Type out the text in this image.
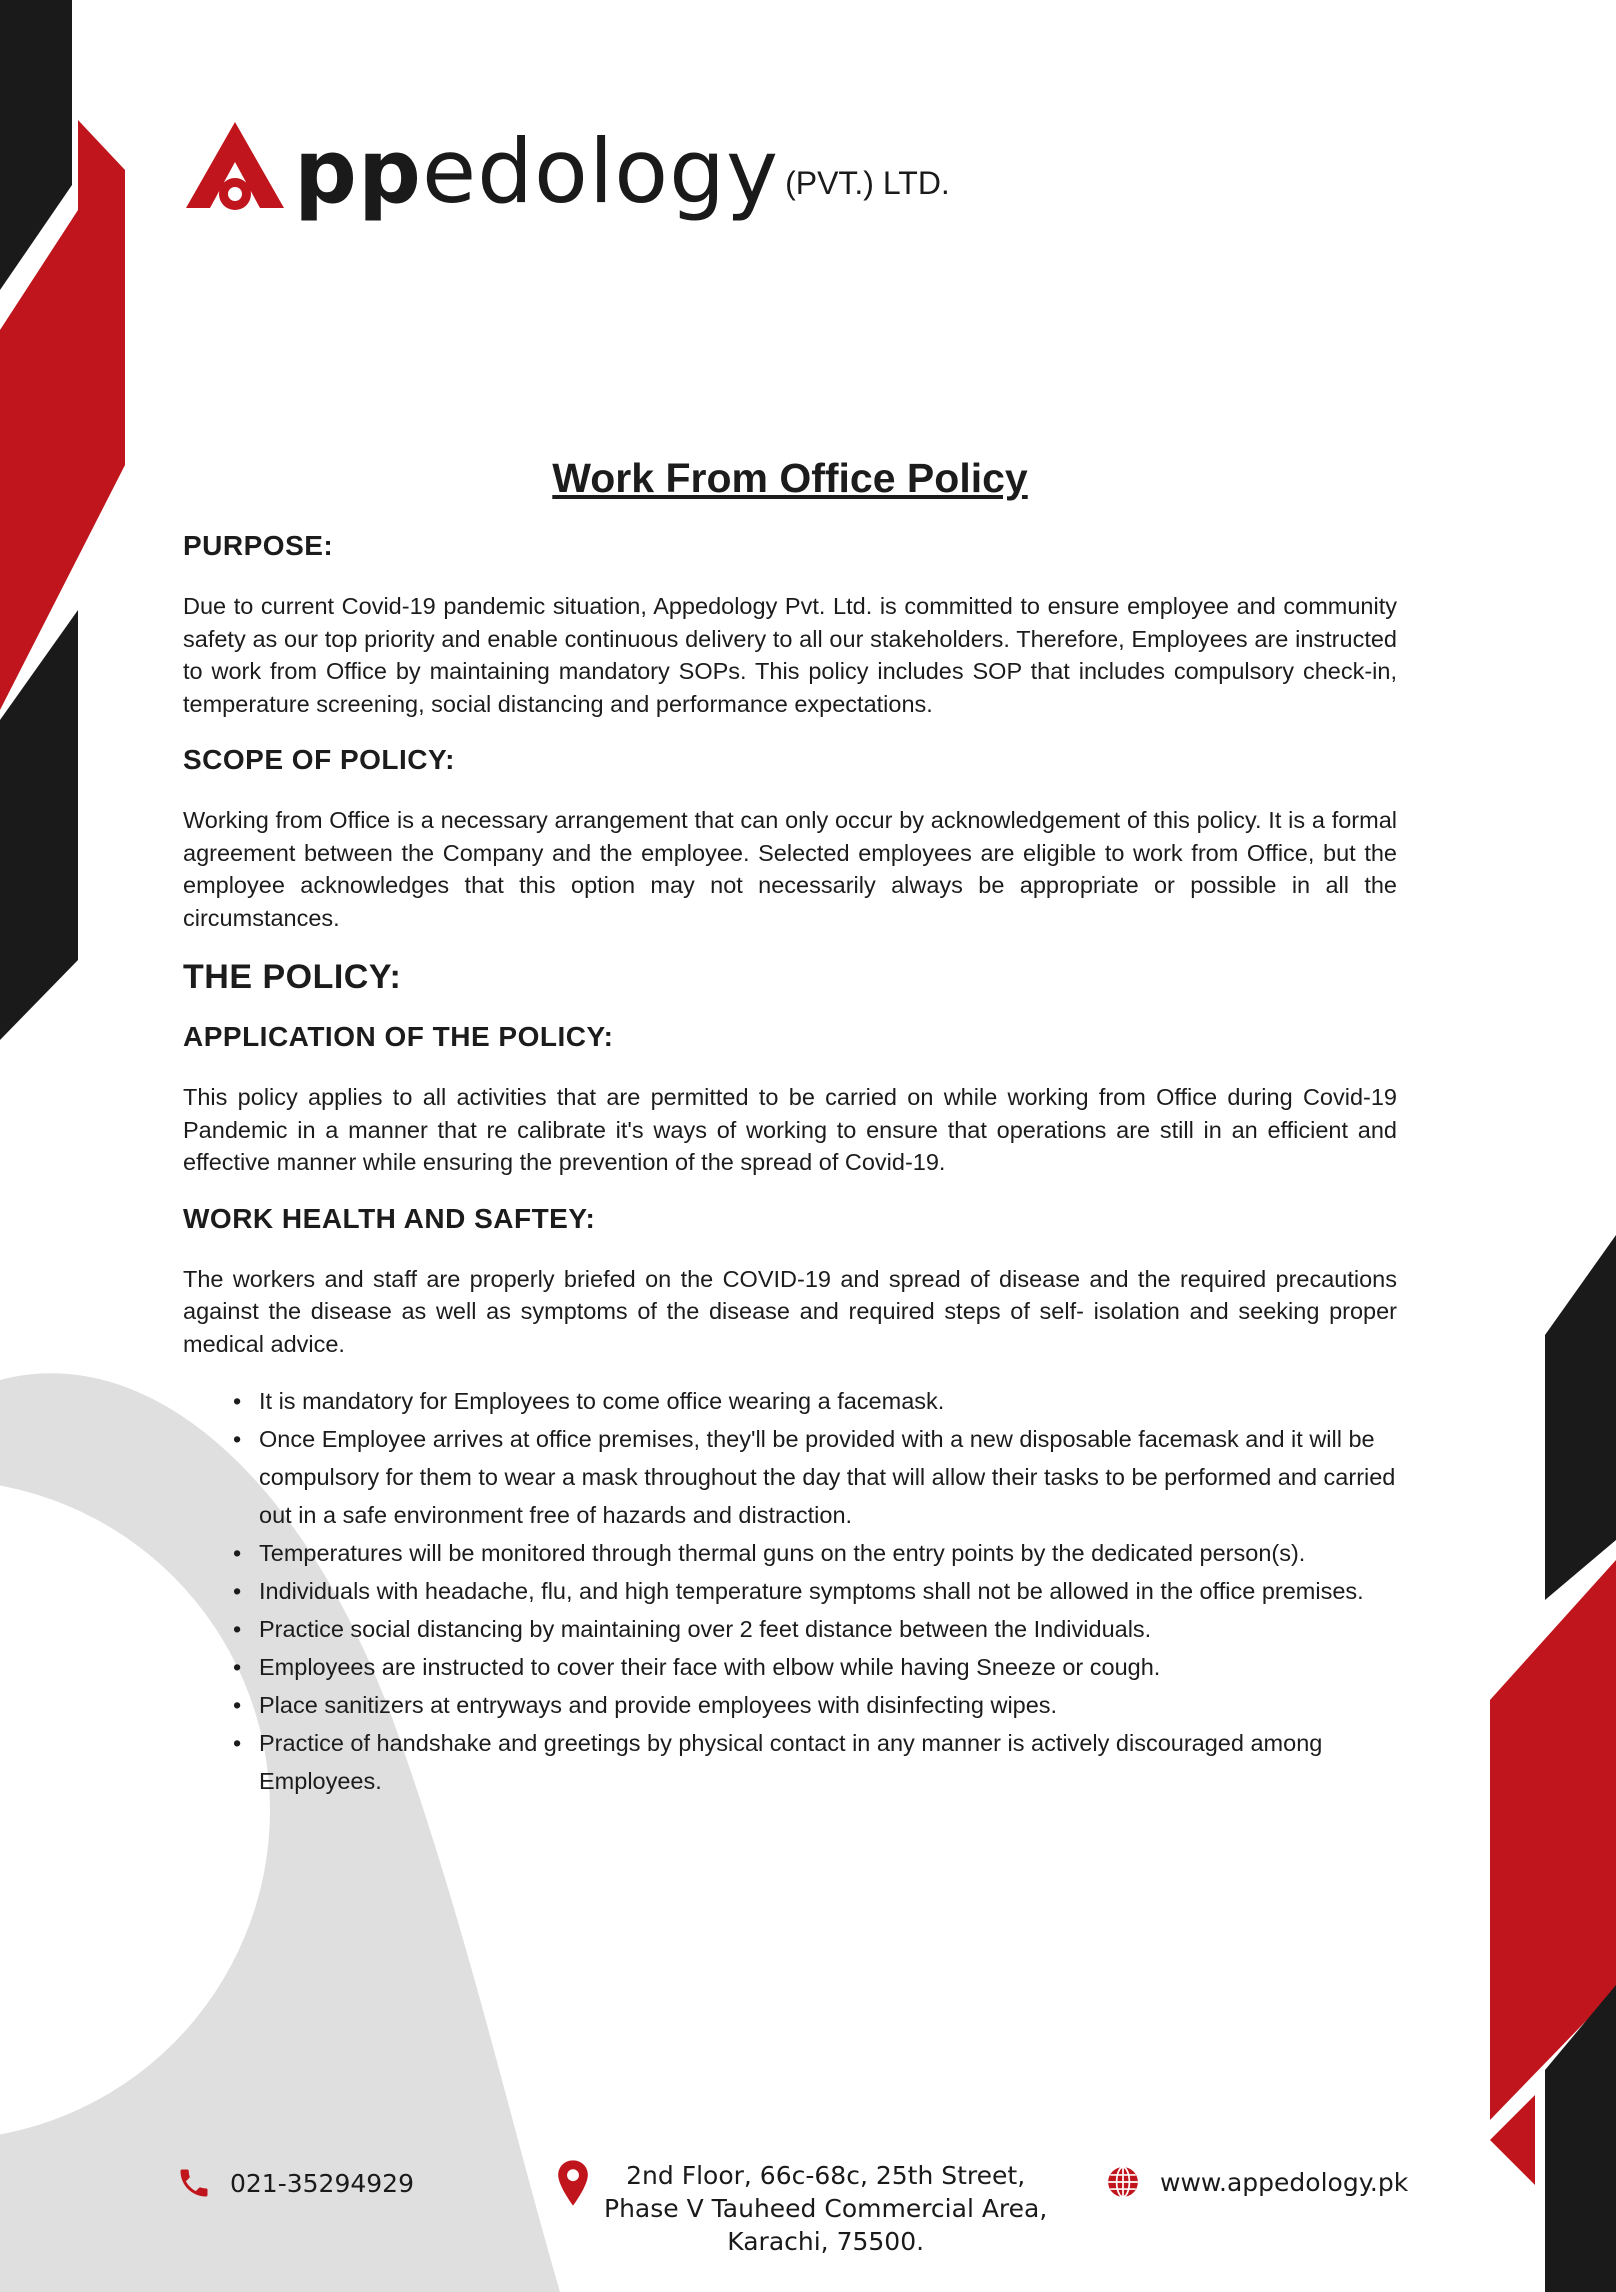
ppedology (PVT.) LTD.
Work From Office Policy
PURPOSE:

Due to current Covid-19 pandemic situation, Appedology Pvt. Ltd. is committed to ensure employee and community safety as our top priority and enable continuous delivery to all our stakeholders. Therefore, Employees are instructed to work from Office by maintaining mandatory SOPs. This policy includes SOP that includes compulsory check-in, temperature screening, social distancing and performance expectations.

SCOPE OF POLICY:

Working from Office is a necessary arrangement that can only occur by acknowledgement of this policy. It is a formal agreement between the Company and the employee. Selected employees are eligible to work from Office, but the employee acknowledges that this option may not necessarily always be appropriate or possible in all the circumstances.

THE POLICY:
APPLICATION OF THE POLICY:

This policy applies to all activities that are permitted to be carried on while working from Office during Covid-19 Pandemic in a manner that re calibrate it's ways of working to ensure that operations are still in an efficient and effective manner while ensuring the prevention of the spread of Covid-19.

WORK HEALTH AND SAFTEY:

The workers and staff are properly briefed on the COVID-19 and spread of disease and the required precautions against the disease as well as symptoms of the disease and required steps of self- isolation and seeking proper medical advice.

• It is mandatory for Employees to come office wearing a facemask.
• Once Employee arrives at office premises, they'll be provided with a new disposable facemask and it will be compulsory for them to wear a mask throughout the day that will allow their tasks to be performed and carried out in a safe environment free of hazards and distraction.
• Temperatures will be monitored through thermal guns on the entry points by the dedicated person(s).
• Individuals with headache, flu, and high temperature symptoms shall not be allowed in the office premises.
• Practice social distancing by maintaining over 2 feet distance between the Individuals.
• Employees are instructed to cover their face with elbow while having Sneeze or cough.
• Place sanitizers at entryways and provide employees with disinfecting wipes.
• Practice of handshake and greetings by physical contact in any manner is actively discouraged among Employees.
021-35294929	2nd Floor, 66c-68c, 25th Street,
Phase V Tauheed Commercial Area,
Karachi, 75500.
www.appedology.pk
